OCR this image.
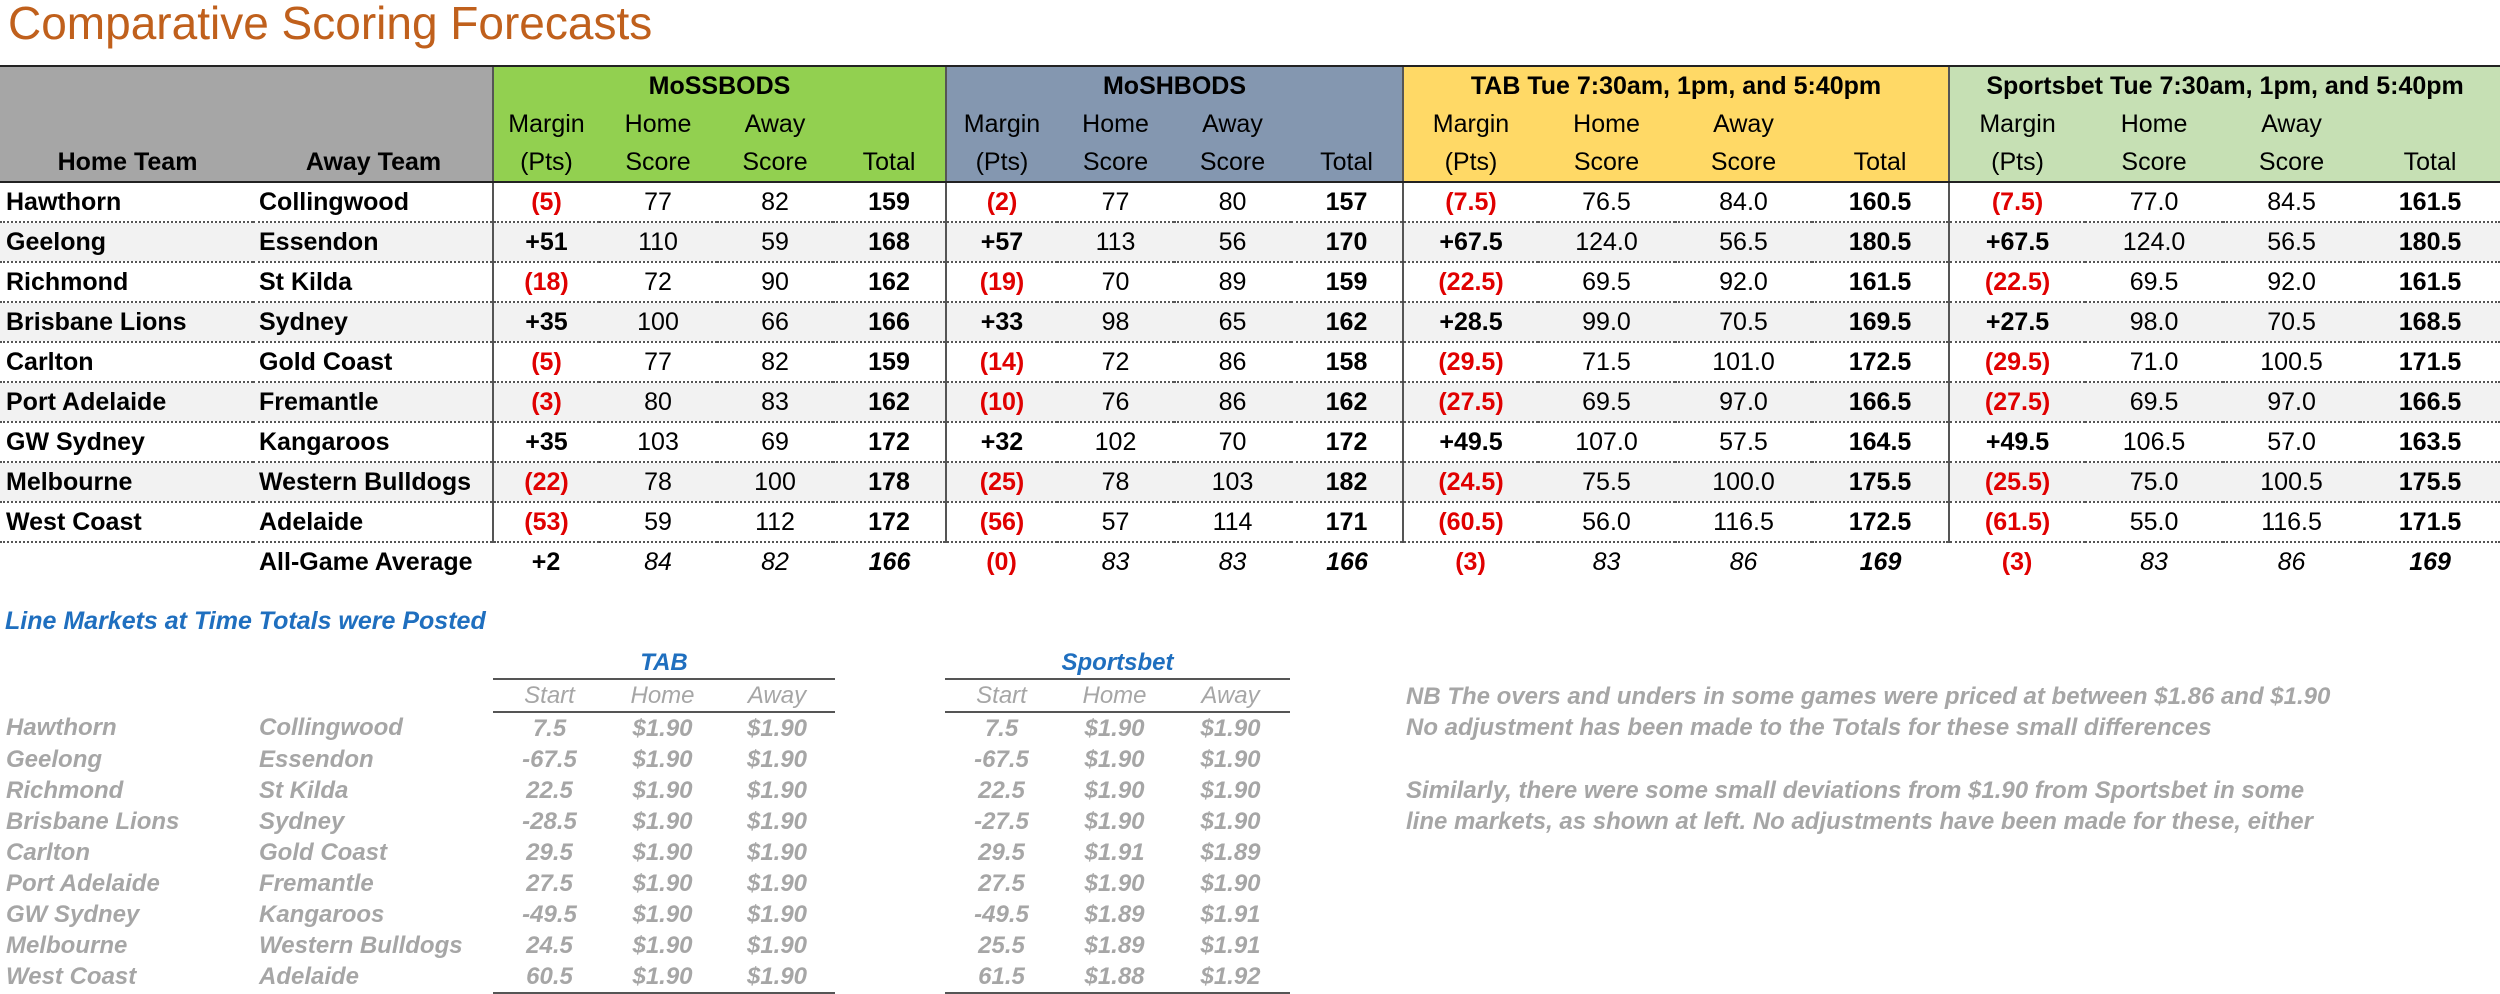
Comparative Scoring Forecasts
		MoSSBODS				MoSHBODS				TAB Tue 7:30am, 1pm, and 5:40pm				Sportsbet Tue 7:30am, 1pm, and 5:40pm			
		Margin	Home	Away		Margin	Home	Away		Margin	Home	Away		Margin	Home	Away	
Home Team	Away Team	(Pts)	Score	Score	Total	(Pts)	Score	Score	Total	(Pts)	Score	Score	Total	(Pts)	Score	Score	Total
Hawthorn	Collingwood	(5)	77	82	159	(2)	77	80	157	(7.5)	76.5	84.0	160.5	(7.5)	77.0	84.5	161.5
Geelong	Essendon	+51	110	59	168	+57	113	56	170	+67.5	124.0	56.5	180.5	+67.5	124.0	56.5	180.5
Richmond	St Kilda	(18)	72	90	162	(19)	70	89	159	(22.5)	69.5	92.0	161.5	(22.5)	69.5	92.0	161.5
Brisbane Lions	Sydney	+35	100	66	166	+33	98	65	162	+28.5	99.0	70.5	169.5	+27.5	98.0	70.5	168.5
Carlton	Gold Coast	(5)	77	82	159	(14)	72	86	158	(29.5)	71.5	101.0	172.5	(29.5)	71.0	100.5	171.5
Port Adelaide	Fremantle	(3)	80	83	162	(10)	76	86	162	(27.5)	69.5	97.0	166.5	(27.5)	69.5	97.0	166.5
GW Sydney	Kangaroos	+35	103	69	172	+32	102	70	172	+49.5	107.0	57.5	164.5	+49.5	106.5	57.0	163.5
Melbourne	Western Bulldogs	(22)	78	100	178	(25)	78	103	182	(24.5)	75.5	100.0	175.5	(25.5)	75.0	100.5	175.5
West Coast	Adelaide	(53)	59	112	172	(56)	57	114	171	(60.5)	56.0	116.5	172.5	(61.5)	55.0	116.5	171.5
	All-Game Average	+2	84	82	166	(0)	83	83	166	(3)	83	86	169	(3)	83	86	169
Line Markets at Time Totals were Posted
		TAB		
		Start	Home	Away
Hawthorn	Collingwood	7.5	$1.90	$1.90
Geelong	Essendon	-67.5	$1.90	$1.90
Richmond	St Kilda	22.5	$1.90	$1.90
Brisbane Lions	Sydney	-28.5	$1.90	$1.90
Carlton	Gold Coast	29.5	$1.90	$1.90
Port Adelaide	Fremantle	27.5	$1.90	$1.90
GW Sydney	Kangaroos	-49.5	$1.90	$1.90
Melbourne	Western Bulldogs	24.5	$1.90	$1.90
West Coast	Adelaide	60.5	$1.90	$1.90
Sportsbet		
Start	Home	Away
7.5	$1.90	$1.90
-67.5	$1.90	$1.90
22.5	$1.90	$1.90
-27.5	$1.90	$1.90
29.5	$1.91	$1.89
27.5	$1.90	$1.90
-49.5	$1.89	$1.91
25.5	$1.89	$1.91
61.5	$1.88	$1.92
NB The overs and unders in some games were priced at between $1.86 and $1.90
No adjustment has been made to the Totals for these small differences
Similarly, there were some small deviations from $1.90 from Sportsbet in some
line markets, as shown at left. No adjustments have been made for these, either
